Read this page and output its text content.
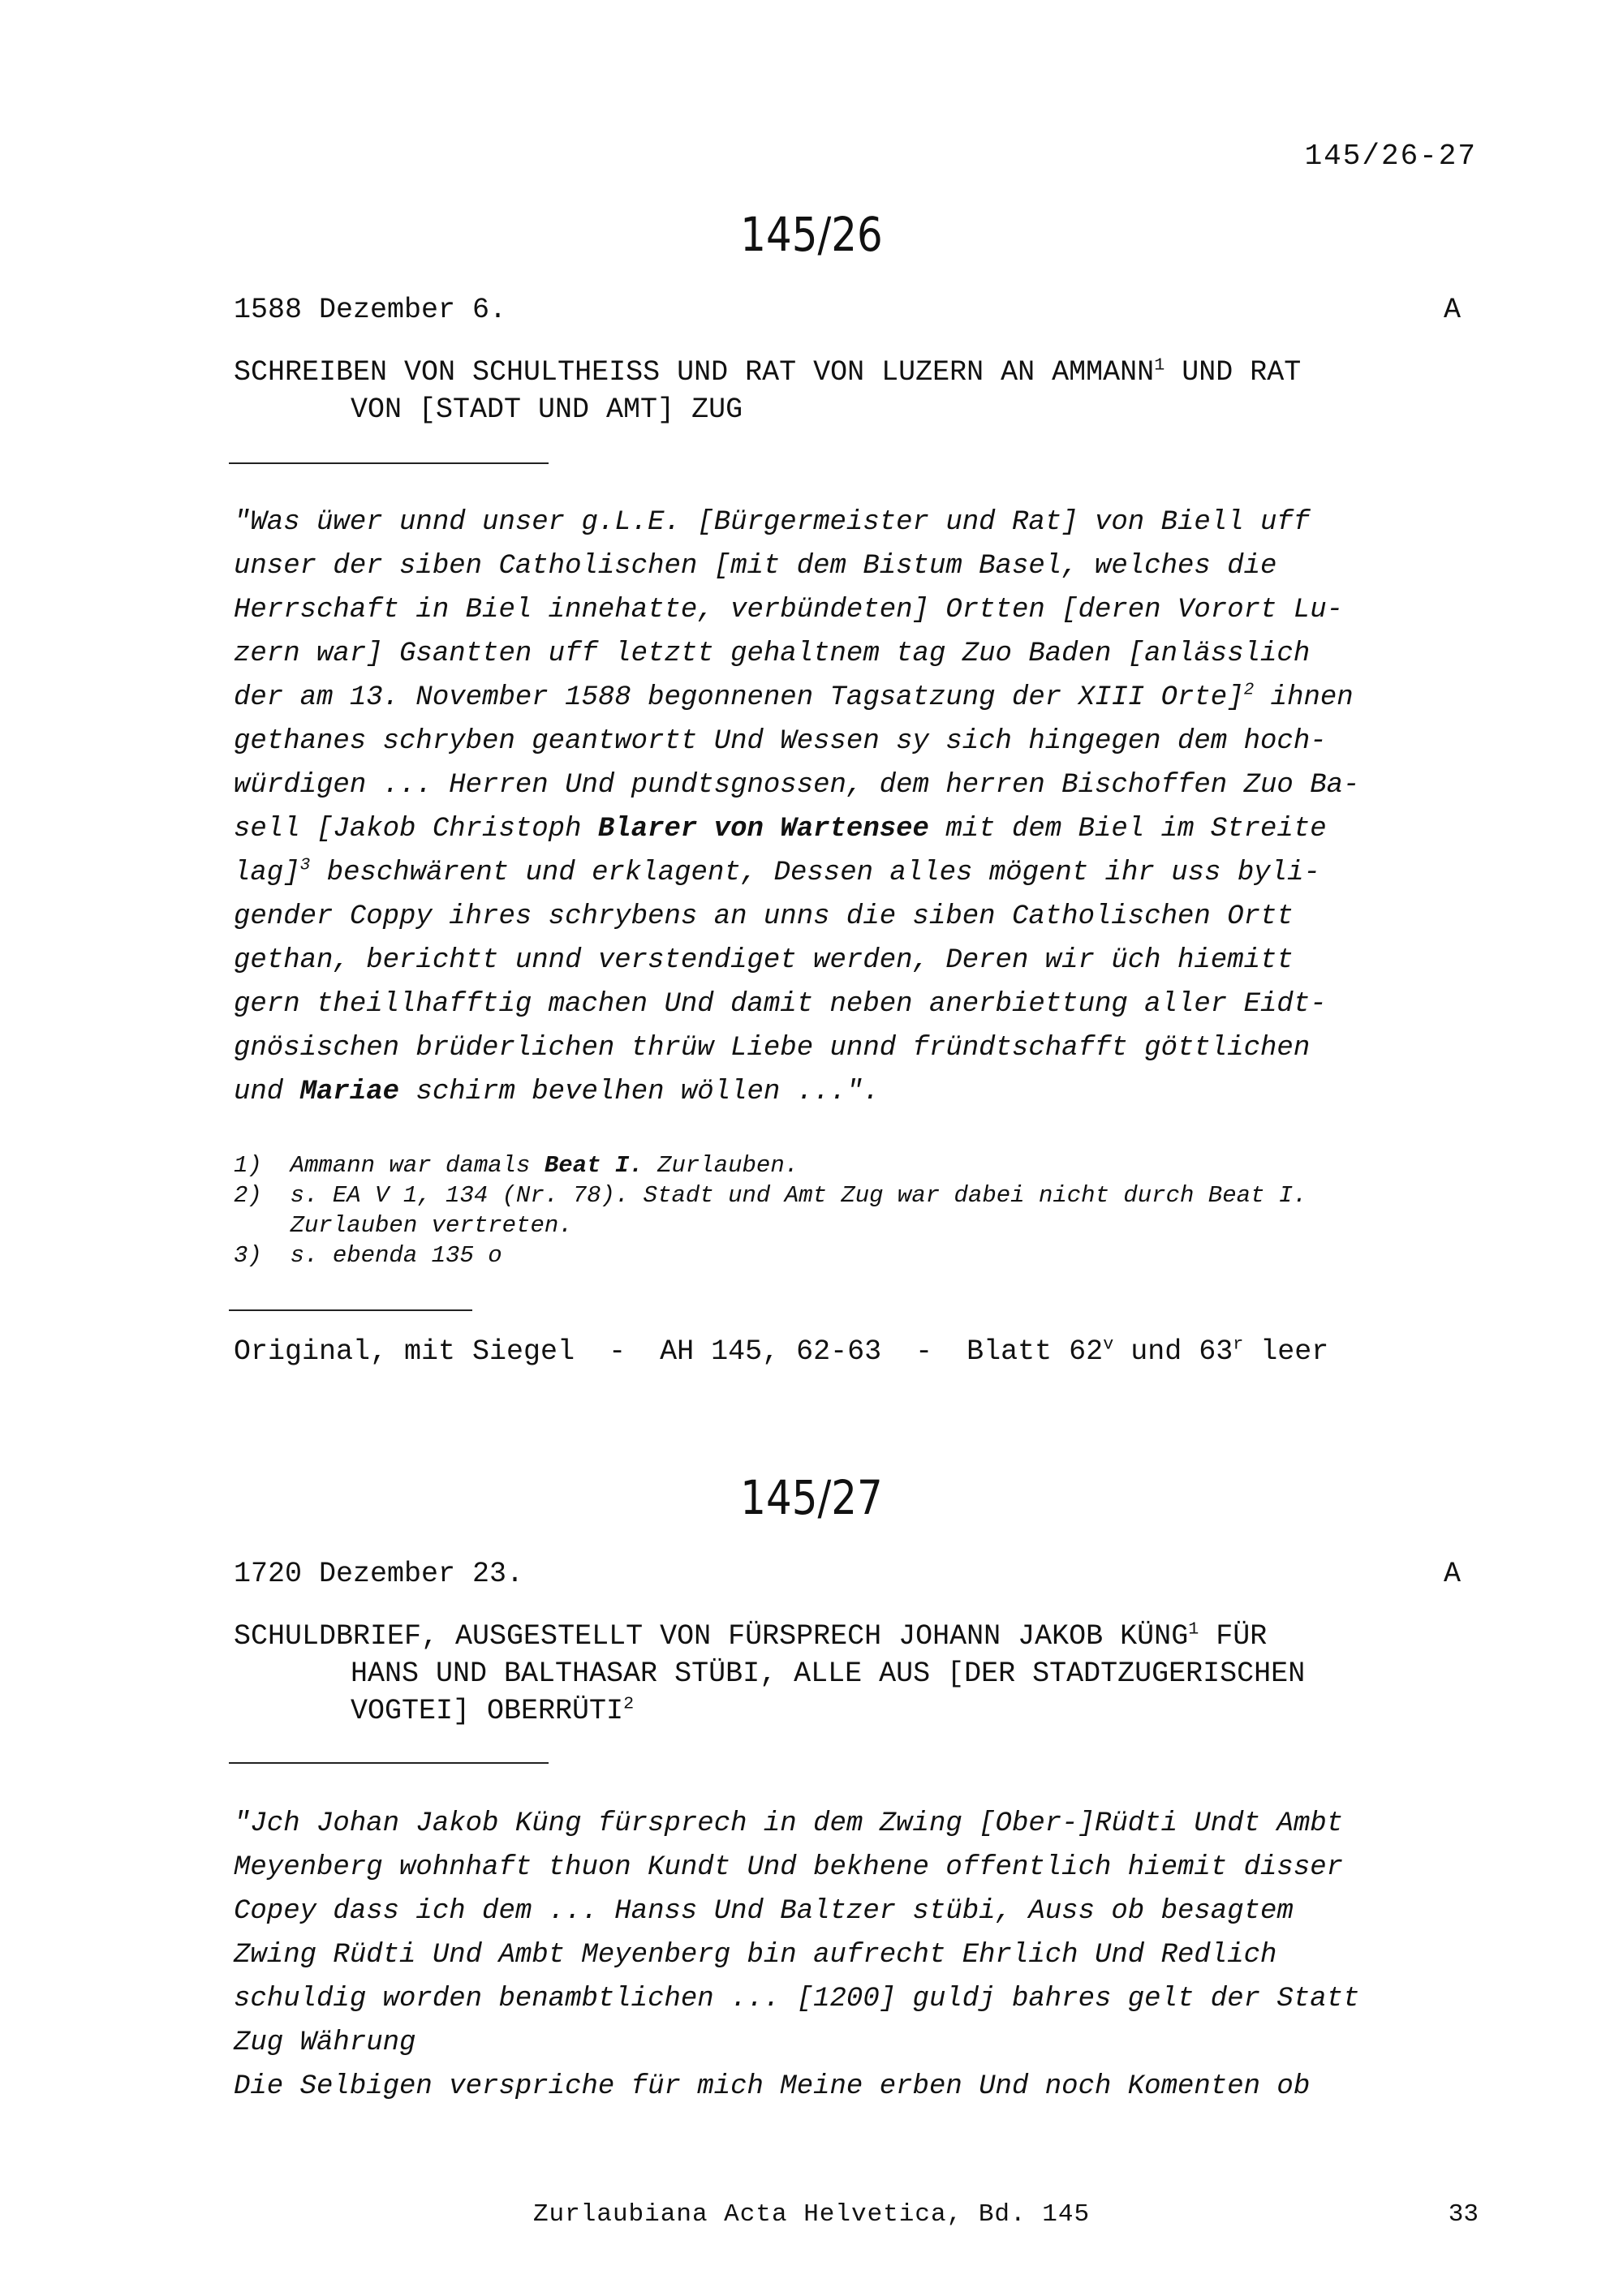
145/26-27
145/26
1588 Dezember 6.	A
SCHREIBEN VON SCHULTHEISS UND RAT VON LUZERN AN AMMANN$^1$ UND RAT
VON [STADT UND AMT] ZUG
"Was üwer unnd unser g.L.E. [Bürgermeister und Rat] von Biell uff
unser der siben Catholischen [mit dem Bistum Basel, welches die
Herrschaft in Biel innehatte, verbündeten] Ortten [deren Vorort Lu-
zern war] Gsantten uff letztt gehaltnem tag Zuo Baden [anlässlich
der am 13. November 1588 begonnenen Tagsatzung der XIII Orte]$^2$ ihnen
gethanes schryben geantwortt Und Wessen sy sich hingegen dem hoch-
würdigen ... Herren Und pundtsgnossen, dem herren Bischoffen Zuo Ba-
sell [Jakob Christoph Blarer von Wartensee mit dem Biel im Streite
lag]$^3$ beschwärent und erklagent, Dessen alles mögent ihr uss byli-
gender Coppy ihres schrybens an unns die siben Catholischen Ortt
gethan, berichtt unnd verstendiget werden, Deren wir üch hiemitt
gern theillhafftig machen Und damit neben anerbiettung aller Eidt-
gnösischen brüderlichen thrüw Liebe unnd fründtschafft göttlichen
und Mariae schirm bevelhen wöllen ...".
1)  Ammann war damals Beat I. Zurlauben.
2)  s. EA V 1, 134 (Nr. 78). Stadt und Amt Zug war dabei nicht durch Beat I.
Zurlauben vertreten.
3)  s. ebenda 135 o
Original, mit Siegel  -  AH 145, 62-63  -  Blatt 62$^v$ und 63$^r$ leer
145/27
1720 Dezember 23.	A
SCHULDBRIEF, AUSGESTELLT VON FÜRSPRECH JOHANN JAKOB KÜNG$^1$ FÜR
HANS UND BALTHASAR STÜBI, ALLE AUS [DER STADTZUGERISCHEN
VOGTEI] OBERRÜTI$^2$
"Jch Johan Jakob Küng fürsprech in dem Zwing [Ober-]Rüdti Undt Ambt
Meyenberg wohnhaft thuon Kundt Und bekhene offentlich hiemit disser
Copey dass ich dem ... Hanss Und Baltzer stübi, Auss ob besagtem
Zwing Rüdti Und Ambt Meyenberg bin aufrecht Ehrlich Und Redlich
schuldig worden benambtlichen ... [1200] guldj bahres gelt der Statt
Zug Währung
Die Selbigen verspriche für mich Meine erben Und noch Komenten ob
Zurlaubiana Acta Helvetica, Bd. 145	33
